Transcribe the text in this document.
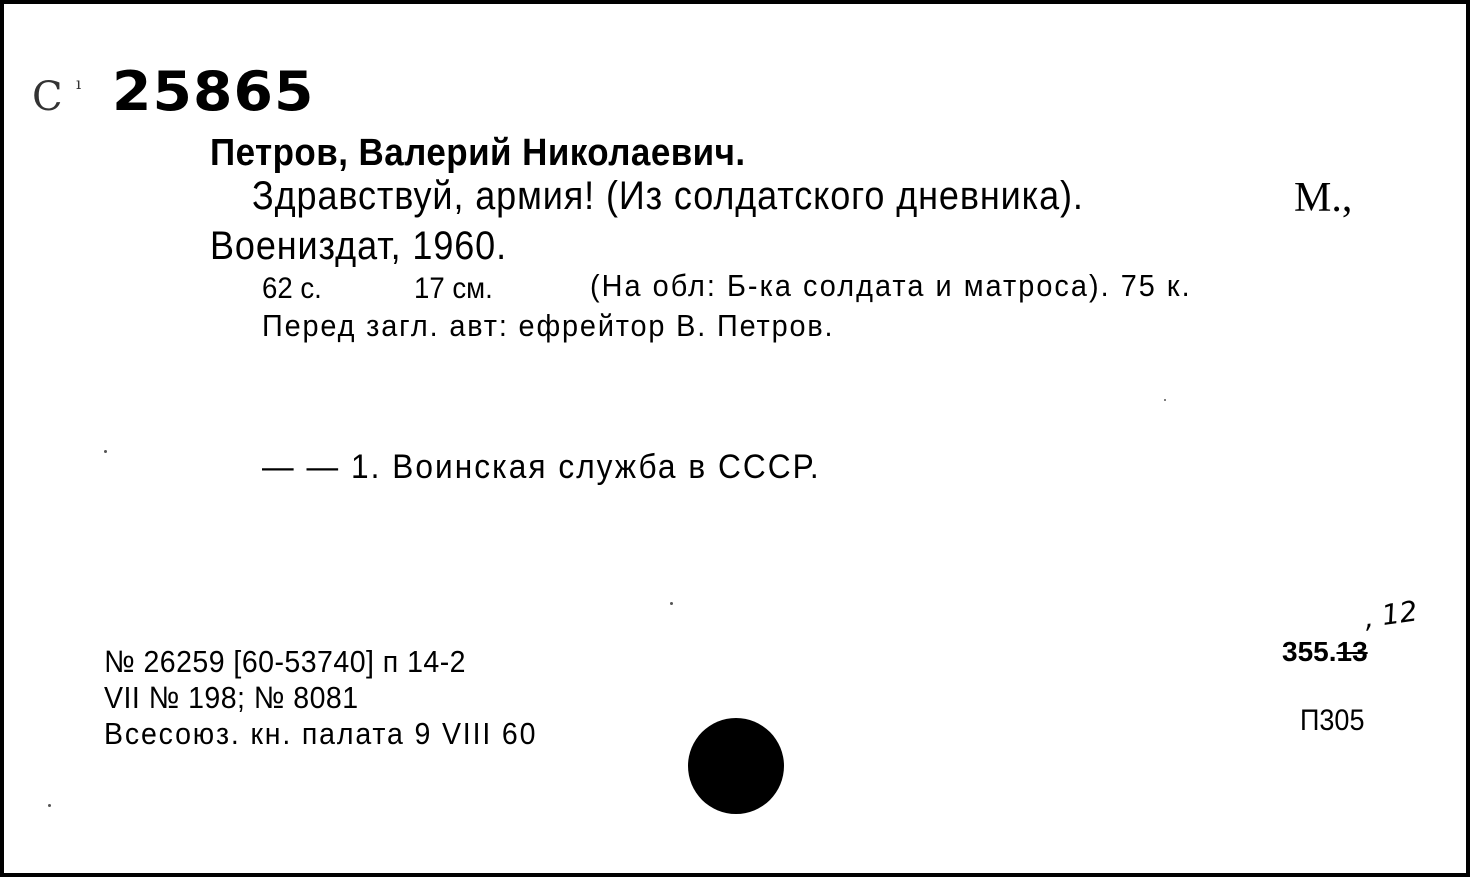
C ı 25865
Петров, Валерий Николаевич.
Здравствуй, армия! (Из солдатского дневника).	М.,
Воениздат, 1960.
62 с.	17 см.	(На обл: Б-ка солдата и матроса). 75 к.
Перед загл. авт: ефрейтор В. Петров.
— — 1. Воинская служба в СССР.
№ 26259 [60-53740] п 14-2
VII № 198; № 8081
Всесоюз. кн. палата 9 VIII 60
, 12
355.13
П305
